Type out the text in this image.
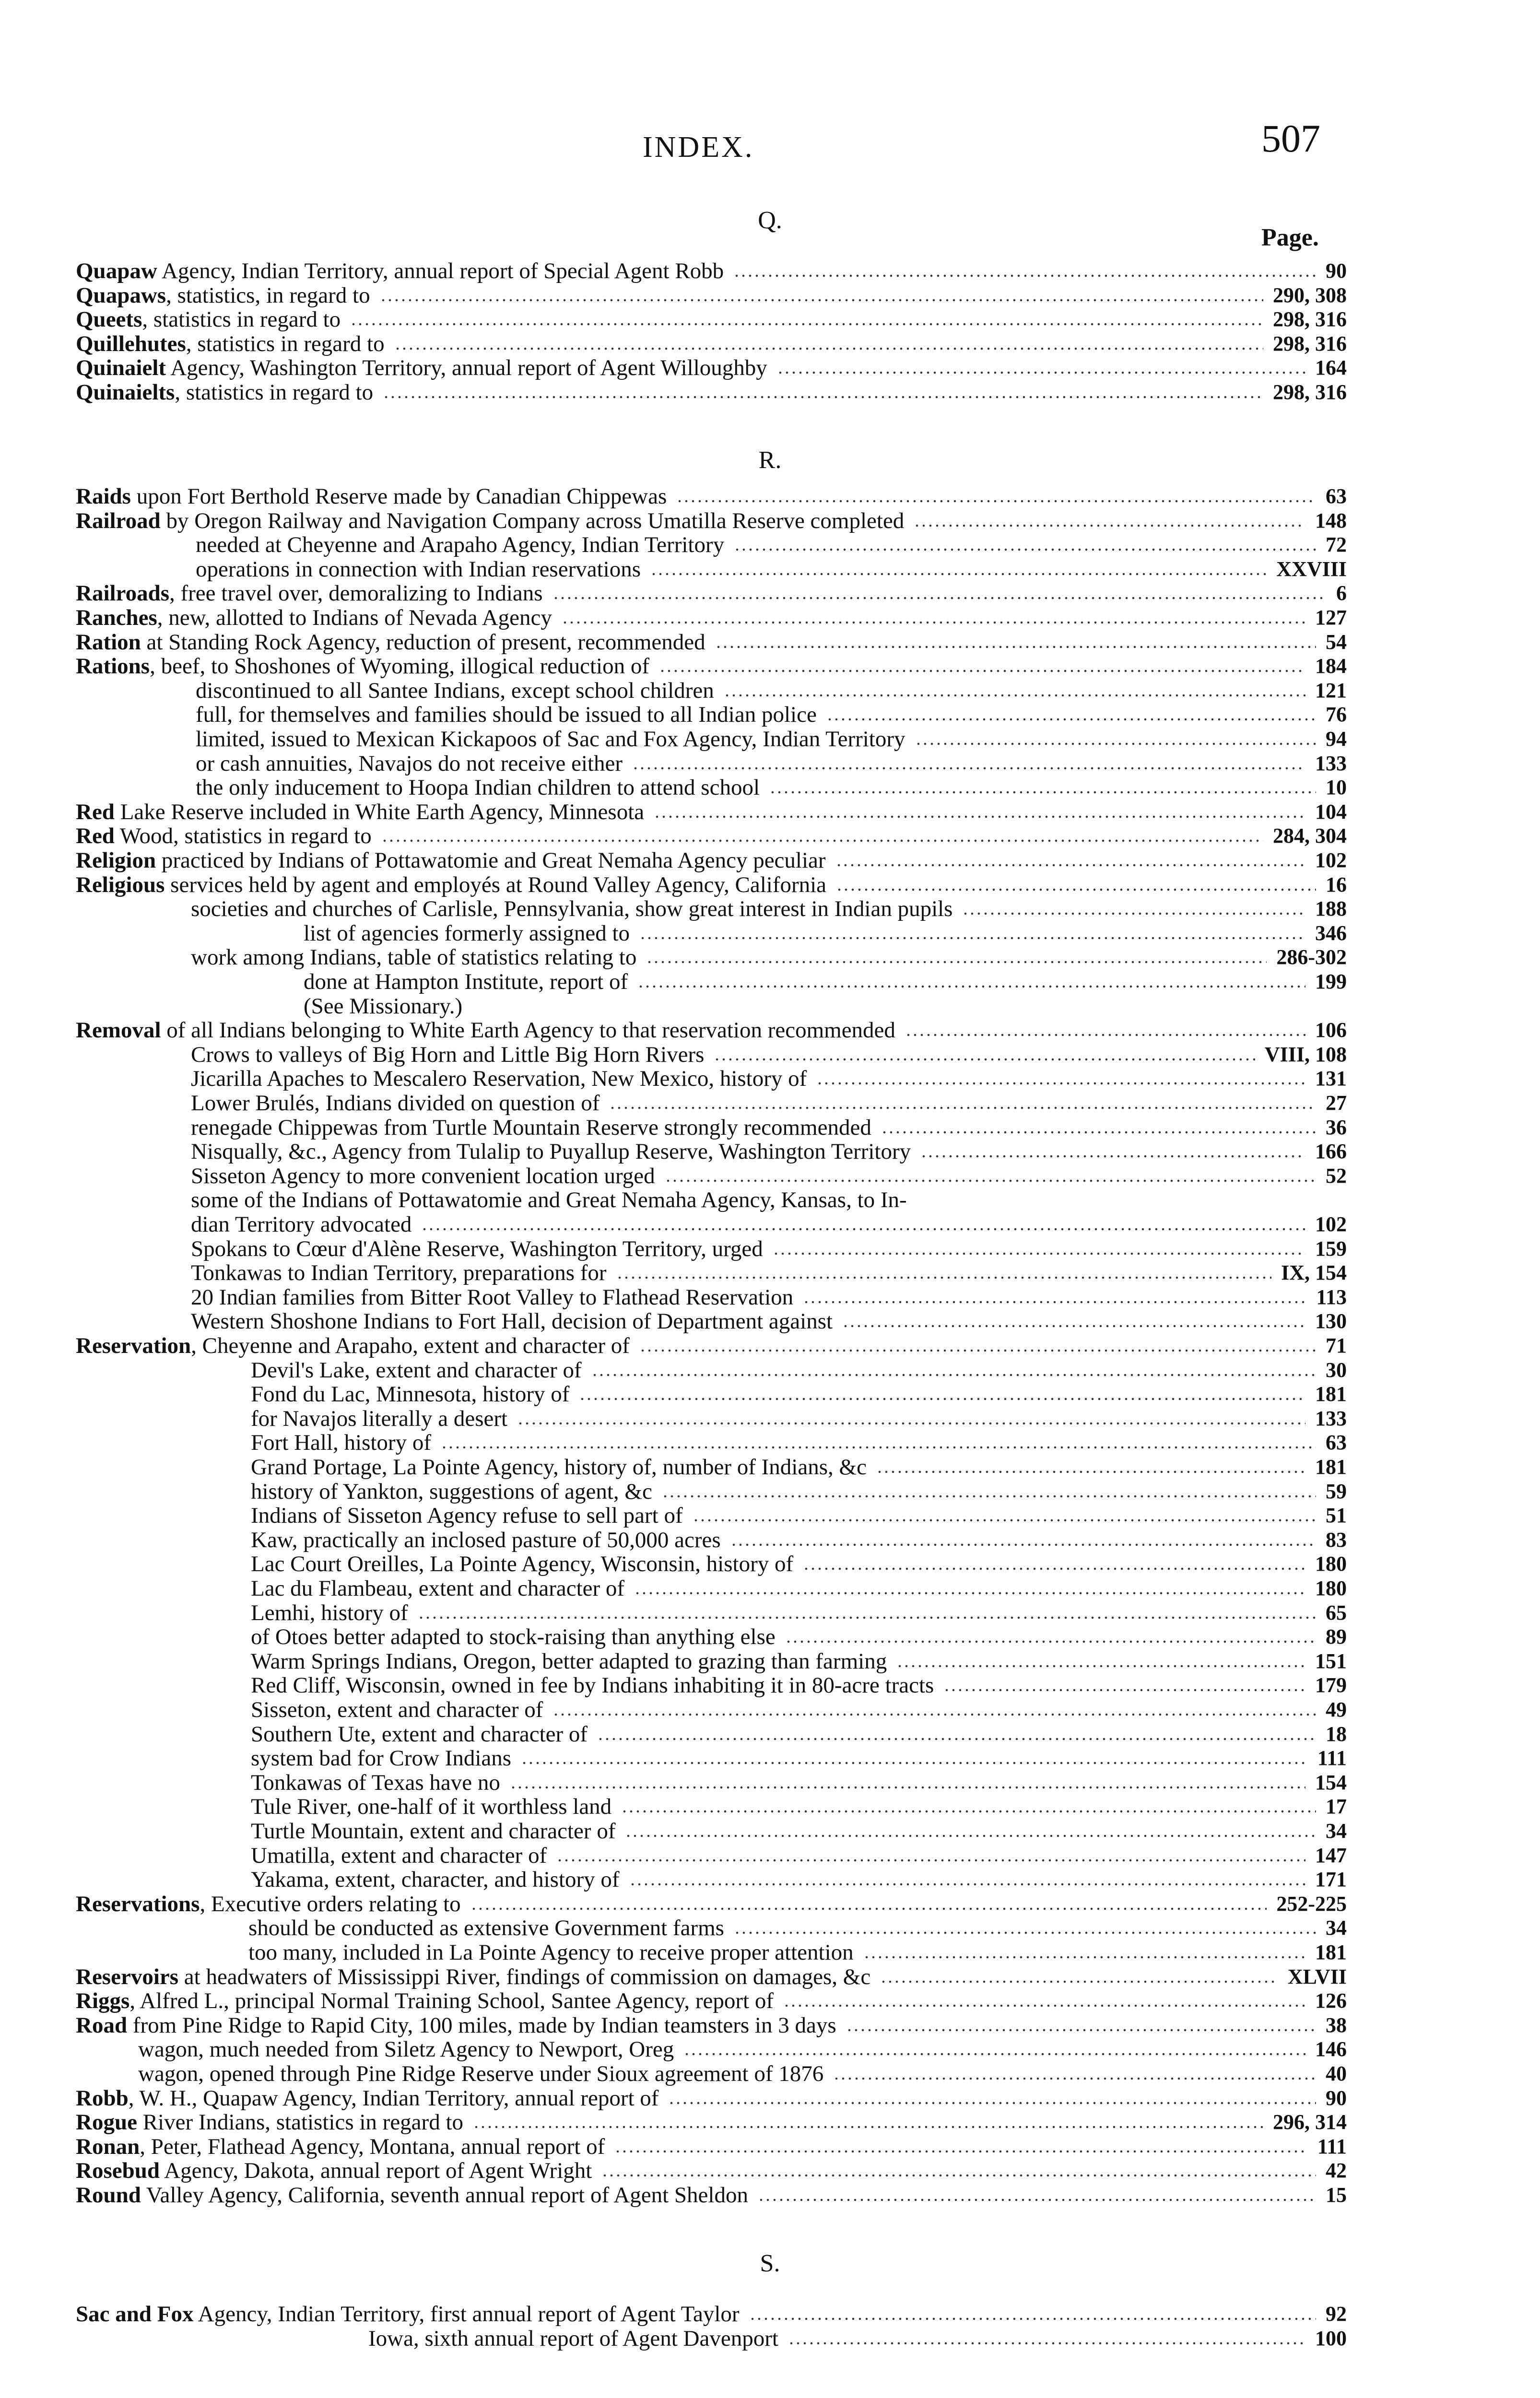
INDEX.	507
Page.
Q.
Quapaw Agency, Indian Territory, annual report of Special Agent Robb	90
Quapaws, statistics, in regard to	290, 308
Queets, statistics in regard to	298, 316
Quillehutes, statistics in regard to	298, 316
Quinaielt Agency, Washington Territory, annual report of Agent Willoughby	164
Quinaielts, statistics in regard to	298, 316
R.
Raids upon Fort Berthold Reserve made by Canadian Chippewas	63
Railroad by Oregon Railway and Navigation Company across Umatilla Reserve completed	148
needed at Cheyenne and Arapaho Agency, Indian Territory	72
operations in connection with Indian reservations	XXVIII
Railroads, free travel over, demoralizing to Indians	6
Ranches, new, allotted to Indians of Nevada Agency	127
Ration at Standing Rock Agency, reduction of present, recommended	54
Rations, beef, to Shoshones of Wyoming, illogical reduction of	184
discontinued to all Santee Indians, except school children	121
full, for themselves and families should be issued to all Indian police	76
limited, issued to Mexican Kickapoos of Sac and Fox Agency, Indian Territory	94
or cash annuities, Navajos do not receive either	133
the only inducement to Hoopa Indian children to attend school	10
Red Lake Reserve included in White Earth Agency, Minnesota	104
Red Wood, statistics in regard to	284, 304
Religion practiced by Indians of Pottawatomie and Great Nemaha Agency peculiar	102
Religious services held by agent and employés at Round Valley Agency, California	16
societies and churches of Carlisle, Pennsylvania, show great interest in Indian pupils	188
list of agencies formerly assigned to	346
work among Indians, table of statistics relating to	286-302
done at Hampton Institute, report of	199
(See Missionary.)
Removal of all Indians belonging to White Earth Agency to that reservation recommended	106
Crows to valleys of Big Horn and Little Big Horn Rivers	VIII, 108
Jicarilla Apaches to Mescalero Reservation, New Mexico, history of	131
Lower Brulés, Indians divided on question of	27
renegade Chippewas from Turtle Mountain Reserve strongly recommended	36
Nisqually, &c., Agency from Tulalip to Puyallup Reserve, Washington Territory	166
Sisseton Agency to more convenient location urged	52
some of the Indians of Pottawatomie and Great Nemaha Agency, Kansas, to In-
dian Territory advocated	102
Spokans to Cœur d'Alène Reserve, Washington Territory, urged	159
Tonkawas to Indian Territory, preparations for	IX, 154
20 Indian families from Bitter Root Valley to Flathead Reservation	113
Western Shoshone Indians to Fort Hall, decision of Department against	130
Reservation, Cheyenne and Arapaho, extent and character of	71
Devil's Lake, extent and character of	30
Fond du Lac, Minnesota, history of	181
for Navajos literally a desert	133
Fort Hall, history of	63
Grand Portage, La Pointe Agency, history of, number of Indians, &c	181
history of Yankton, suggestions of agent, &c	59
Indians of Sisseton Agency refuse to sell part of	51
Kaw, practically an inclosed pasture of 50,000 acres	83
Lac Court Oreilles, La Pointe Agency, Wisconsin, history of	180
Lac du Flambeau, extent and character of	180
Lemhi, history of	65
of Otoes better adapted to stock-raising than anything else	89
Warm Springs Indians, Oregon, better adapted to grazing than farming	151
Red Cliff, Wisconsin, owned in fee by Indians inhabiting it in 80-acre tracts	179
Sisseton, extent and character of	49
Southern Ute, extent and character of	18
system bad for Crow Indians	111
Tonkawas of Texas have no	154
Tule River, one-half of it worthless land	17
Turtle Mountain, extent and character of	34
Umatilla, extent and character of	147
Yakama, extent, character, and history of	171
Reservations, Executive orders relating to	252-225
should be conducted as extensive Government farms	34
too many, included in La Pointe Agency to receive proper attention	181
Reservoirs at headwaters of Mississippi River, findings of commission on damages, &c	XLVII
Riggs, Alfred L., principal Normal Training School, Santee Agency, report of	126
Road from Pine Ridge to Rapid City, 100 miles, made by Indian teamsters in 3 days	38
wagon, much needed from Siletz Agency to Newport, Oreg	146
wagon, opened through Pine Ridge Reserve under Sioux agreement of 1876	40
Robb, W. H., Quapaw Agency, Indian Territory, annual report of	90
Rogue River Indians, statistics in regard to	296, 314
Ronan, Peter, Flathead Agency, Montana, annual report of	111
Rosebud Agency, Dakota, annual report of Agent Wright	42
Round Valley Agency, California, seventh annual report of Agent Sheldon	15
S.
Sac and Fox Agency, Indian Territory, first annual report of Agent Taylor	92
Iowa, sixth annual report of Agent Davenport	100
